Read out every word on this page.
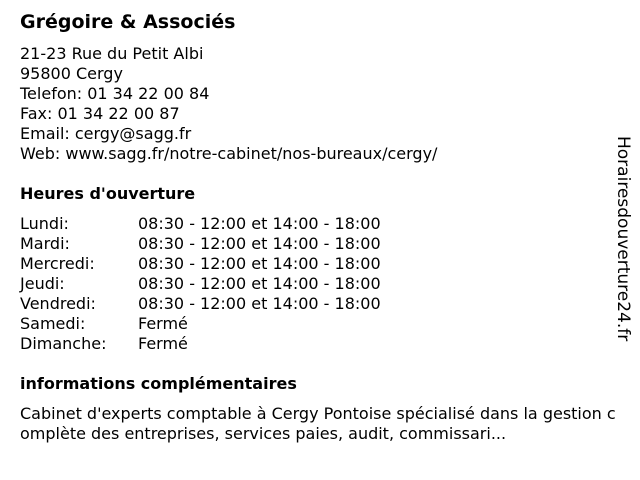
Grégoire & Associés
21-23 Rue du Petit Albi
95800 Cergy
Telefon: 01 34 22 00 84
Fax: 01 34 22 00 87
Email: cergy@sagg.fr
Web: www.sagg.fr/notre-cabinet/nos-bureaux/cergy/
Heures d'ouverture
Lundi:	08:30 - 12:00 et 14:00 - 18:00
Mardi:	08:30 - 12:00 et 14:00 - 18:00
Mercredi:	08:30 - 12:00 et 14:00 - 18:00
Jeudi:	08:30 - 12:00 et 14:00 - 18:00
Vendredi:	08:30 - 12:00 et 14:00 - 18:00
Samedi:	Fermé
Dimanche:	Fermé
informations complémentaires
Cabinet d'experts comptable à Cergy Pontoise spécialisé dans la gestion complète des entreprises, services paies, audit, commissari...
Horairesdouverture24.fr
